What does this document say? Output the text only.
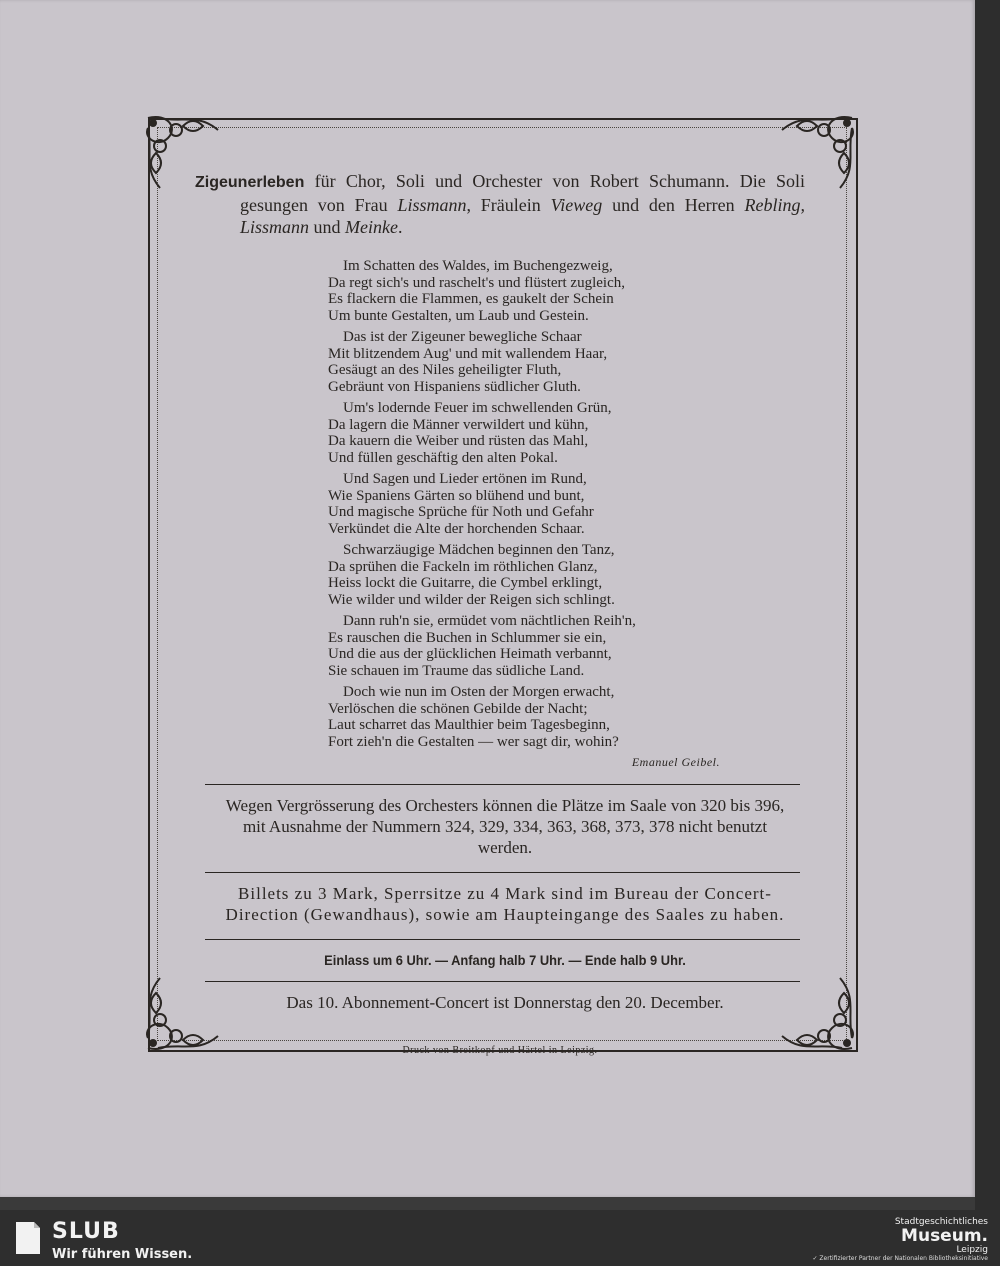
Zigeunerleben für Chor, Soli und Orchester von Robert Schumann. Die Soli gesungen von Frau Lissmann, Fräulein Vieweg und den Herren Rebling, Lissmann und Meinke.

Im Schatten des Waldes, im Buchengezweig,
Da regt sich's und raschelt's und flüstert zugleich,
Es flackern die Flammen, es gaukelt der Schein
Um bunte Gestalten, um Laub und Gestein.
Das ist der Zigeuner bewegliche Schaar
Mit blitzendem Aug' und mit wallendem Haar,
Gesäugt an des Niles geheiligter Fluth,
Gebräunt von Hispaniens südlicher Gluth.
Um's lodernde Feuer im schwellenden Grün,
Da lagern die Männer verwildert und kühn,
Da kauern die Weiber und rüsten das Mahl,
Und füllen geschäftig den alten Pokal.
Und Sagen und Lieder ertönen im Rund,
Wie Spaniens Gärten so blühend und bunt,
Und magische Sprüche für Noth und Gefahr
Verkündet die Alte der horchenden Schaar.
Schwarzäugige Mädchen beginnen den Tanz,
Da sprühen die Fackeln im röthlichen Glanz,
Heiss lockt die Guitarre, die Cymbel erklingt,
Wie wilder und wilder der Reigen sich schlingt.
Dann ruh'n sie, ermüdet vom nächtlichen Reih'n,
Es rauschen die Buchen in Schlummer sie ein,
Und die aus der glücklichen Heimath verbannt,
Sie schauen im Traume das südliche Land.
Doch wie nun im Osten der Morgen erwacht,
Verlöschen die schönen Gebilde der Nacht;
Laut scharret das Maulthier beim Tagesbeginn,
Fort zieh'n die Gestalten — wer sagt dir, wohin?
Emanuel Geibel.
Wegen Vergrösserung des Orchesters können die Plätze im Saale von 320 bis 396, mit Ausnahme der Nummern 324, 329, 334, 363, 368, 373, 378 nicht benutzt werden.
Billets zu 3 Mark, Sperrsitze zu 4 Mark sind im Bureau der Concert-Direction (Gewandhaus), sowie am Haupteingange des Saales zu haben.
Einlass um 6 Uhr. — Anfang halb 7 Uhr. — Ende halb 9 Uhr.
Das 10. Abonnement-Concert ist Donnerstag den 20. December.
Druck von Breitkopf und Härtel in Leipzig.
SLUB
Wir führen Wissen.
Stadtgeschichtliches
Museum.
Leipzig
✓ Zertifizierter Partner der Nationalen Bibliotheksinitiative
